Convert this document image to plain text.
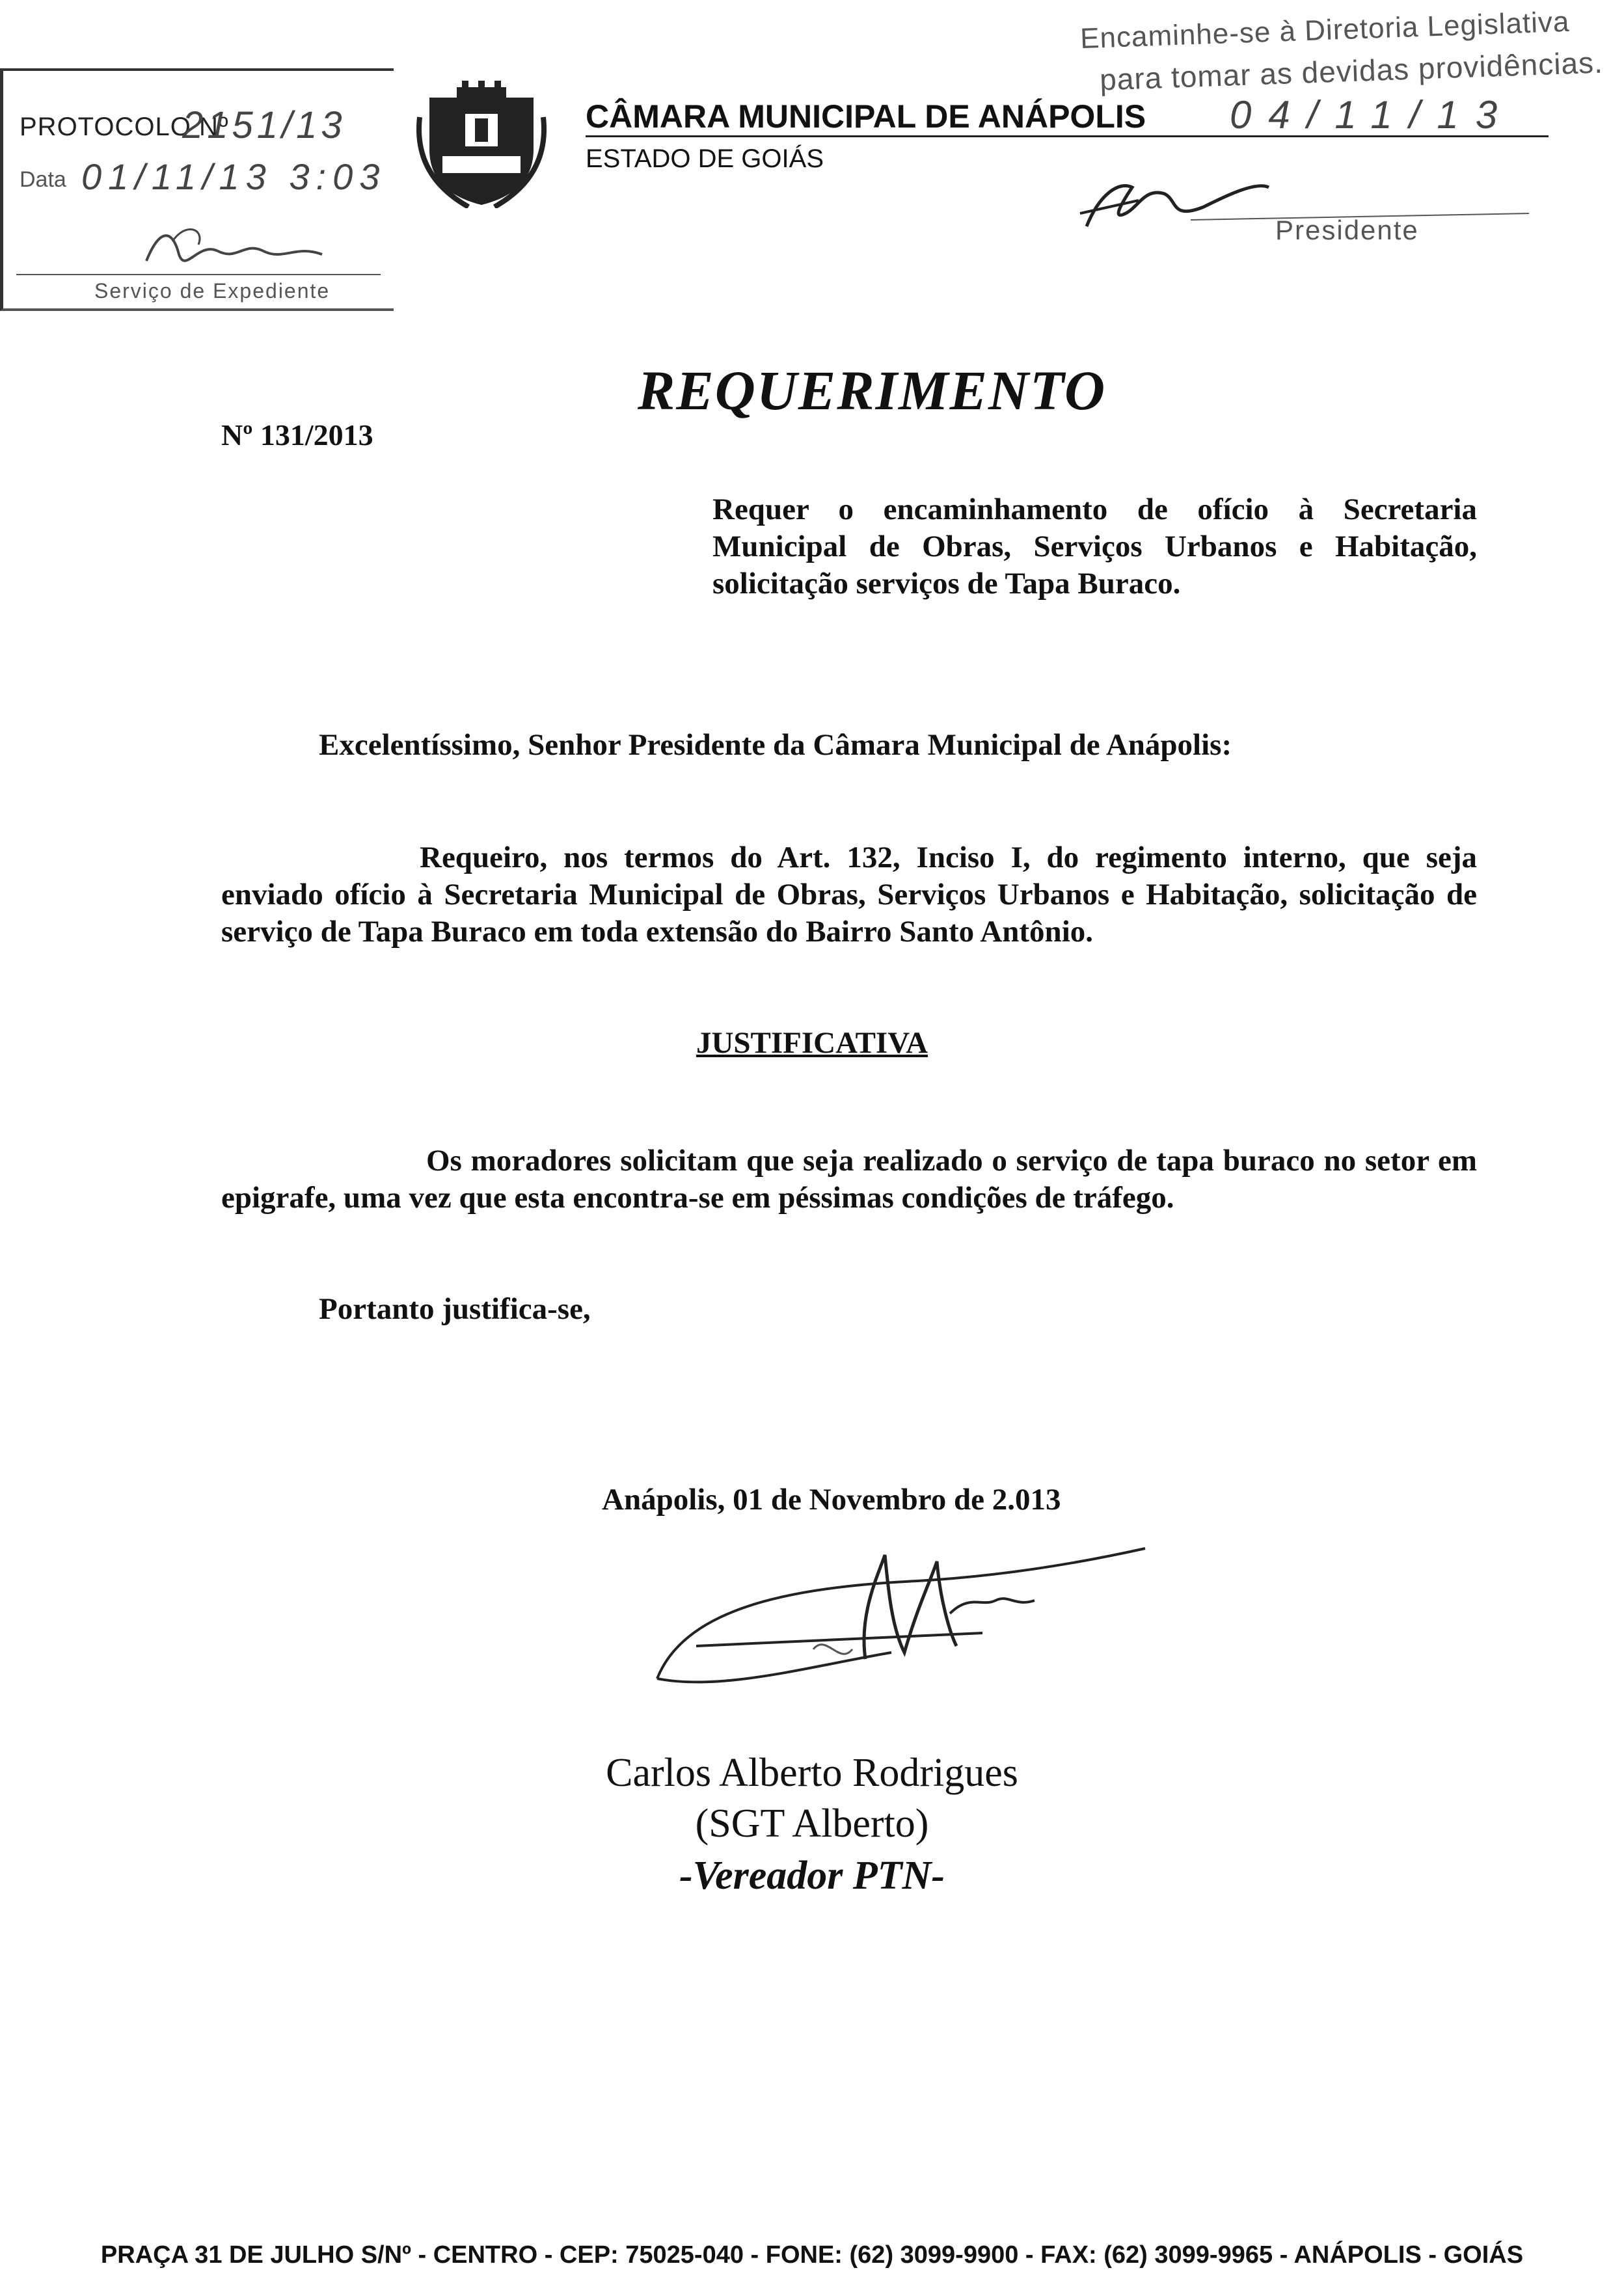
PROTOCOLO Nº
2151/13
Data 01/11/13 3:03
Serviço de Expediente
CÂMARA MUNICIPAL DE ANÁPOLIS
ESTADO DE GOIÁS
Encaminhe-se à Diretoria Legislativa
para tomar as devidas providências.
04/11/13
Presidente
Nº 131/2013
REQUERIMENTO
Requer o encaminhamento de ofício à Secretaria Municipal de Obras, Serviços Urbanos e Habitação, solicitação serviços de Tapa Buraco.
Excelentíssimo, Senhor Presidente da Câmara Municipal de Anápolis:
Requeiro, nos termos do Art. 132, Inciso I, do regimento interno, que seja enviado ofício à Secretaria Municipal de Obras, Serviços Urbanos e Habitação, solicitação de serviço de Tapa Buraco em toda extensão do Bairro Santo Antônio.
JUSTIFICATIVA
Os moradores solicitam que seja realizado o serviço de tapa buraco no setor em epigrafe, uma vez que esta encontra-se em péssimas condições de tráfego.
Portanto justifica-se,
Anápolis, 01 de Novembro de 2.013
Carlos Alberto Rodrigues
(SGT Alberto)
-Vereador PTN-
PRAÇA 31 DE JULHO S/Nº - CENTRO - CEP: 75025-040 - FONE: (62) 3099-9900 - FAX: (62) 3099-9965 - ANÁPOLIS - GOIÁS
